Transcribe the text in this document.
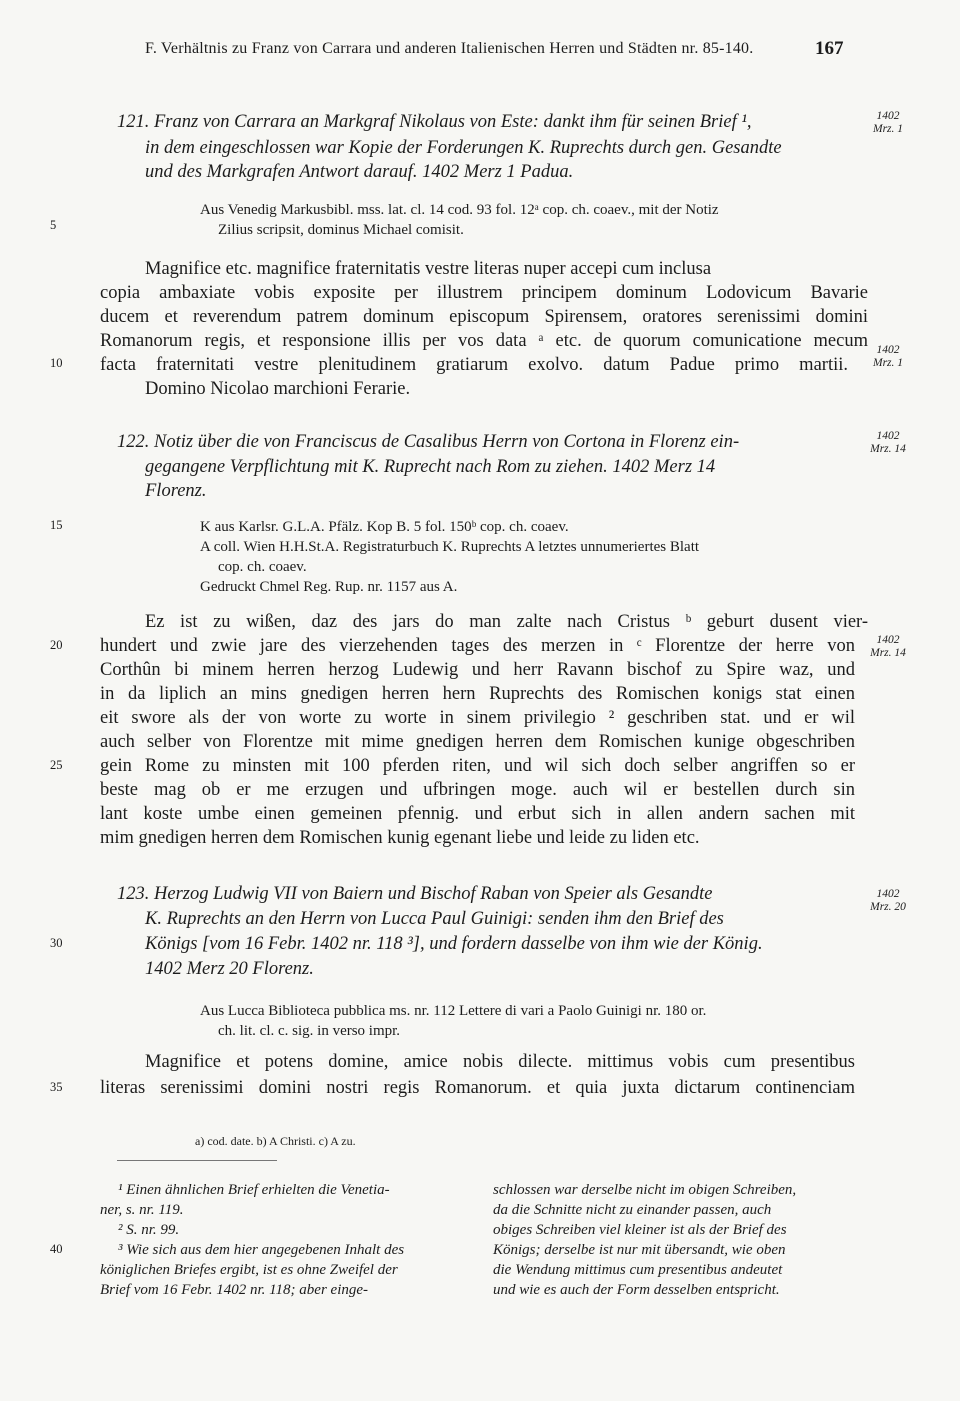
F. Verhältnis zu Franz von Carrara und anderen Italienischen Herren und Städten nr. 85-140.	167
121. Franz von Carrara an Markgraf Nikolaus von Este: dankt ihm für seinen Brief ¹,
in dem eingeschlossen war Kopie der Forderungen K. Ruprechts durch gen. Gesandte
und des Markgrafen Antwort darauf. 1402 Merz 1 Padua.
1402
Mrz. 1
Aus Venedig Markusbibl. mss. lat. cl. 14 cod. 93 fol. 12ᵃ cop. ch. coaev., mit der Notiz
Zilius scripsit, dominus Michael comisit.
Magnifice etc. magnifice fraternitatis vestre literas nuper accepi cum inclusa
copia ambaxiate vobis exposite per illustrem principem dominum Lodovicum Bavarie
ducem et reverendum patrem dominum episcopum Spirensem, oratores serenissimi domini
Romanorum regis, et responsione illis per vos data ᵃ etc. de quorum comunicatione mecum
facta fraternitati vestre plenitudinem gratiarum exolvo. datum Padue primo martii.
Domino Nicolao marchioni Ferarie.
1402
Mrz. 1
122. Notiz über die von Franciscus de Casalibus Herrn von Cortona in Florenz ein-
gegangene Verpflichtung mit K. Ruprecht nach Rom zu ziehen. 1402 Merz 14
Florenz.
1402
Mrz. 14
K aus Karlsr. G.L.A. Pfälz. Kop B. 5 fol. 150ᵇ cop. ch. coaev.
A coll. Wien H.H.St.A. Registraturbuch K. Ruprechts A letztes unnumeriertes Blatt
cop. ch. coaev.
Gedruckt Chmel Reg. Rup. nr. 1157 aus A.
Ez ist zu wißen, daz des jars do man zalte nach Cristus ᵇ geburt dusent vier-
hundert und zwie jare des vierzehenden tages des merzen in ᶜ Florentze der herre von
Corthûn bi minem herren herzog Ludewig und herr Ravann bischof zu Spire waz, und
in da liplich an mins gnedigen herren hern Ruprechts des Romischen konigs stat einen
eit swore als der von worte zu worte in sinem privilegio ² geschriben stat. und er wil
auch selber von Florentze mit mime gnedigen herren dem Romischen kunige obgeschriben
gein Rome zu minsten mit 100 pferden riten, und wil sich doch selber angriffen so er
beste mag ob er me erzugen und ufbringen moge. auch wil er bestellen durch sin
lant koste umbe einen gemeinen pfennig. und erbut sich in allen andern sachen mit
mim gnedigen herren dem Romischen kunig egenant liebe und leide zu liden etc.
1402
Mrz. 14
123. Herzog Ludwig VII von Baiern und Bischof Raban von Speier als Gesandte
K. Ruprechts an den Herrn von Lucca Paul Guinigi: senden ihm den Brief des
Königs [vom 16 Febr. 1402 nr. 118 ³], und fordern dasselbe von ihm wie der König.
1402 Merz 20 Florenz.
1402
Mrz. 20
Aus Lucca Biblioteca pubblica ms. nr. 112 Lettere di vari a Paolo Guinigi nr. 180 or.
ch. lit. cl. c. sig. in verso impr.
Magnifice et potens domine, amice nobis dilecte. mittimus vobis cum presentibus
literas serenissimi domini nostri regis Romanorum. et quia juxta dictarum continenciam
a) cod. date. b) A Christi. c) A zu.
¹ Einen ähnlichen Brief erhielten die Venetia-
ner, s. nr. 119.
² S. nr. 99.
³ Wie sich aus dem hier angegebenen Inhalt des
königlichen Briefes ergibt, ist es ohne Zweifel der
Brief vom 16 Febr. 1402 nr. 118; aber einge-
schlossen war derselbe nicht im obigen Schreiben,
da die Schnitte nicht zu einander passen, auch
obiges Schreiben viel kleiner ist als der Brief des
Königs; derselbe ist nur mit übersandt, wie oben
die Wendung mittimus cum presentibus andeutet
und wie es auch der Form desselben entspricht.
5
10
15
20
25
30
35
40
